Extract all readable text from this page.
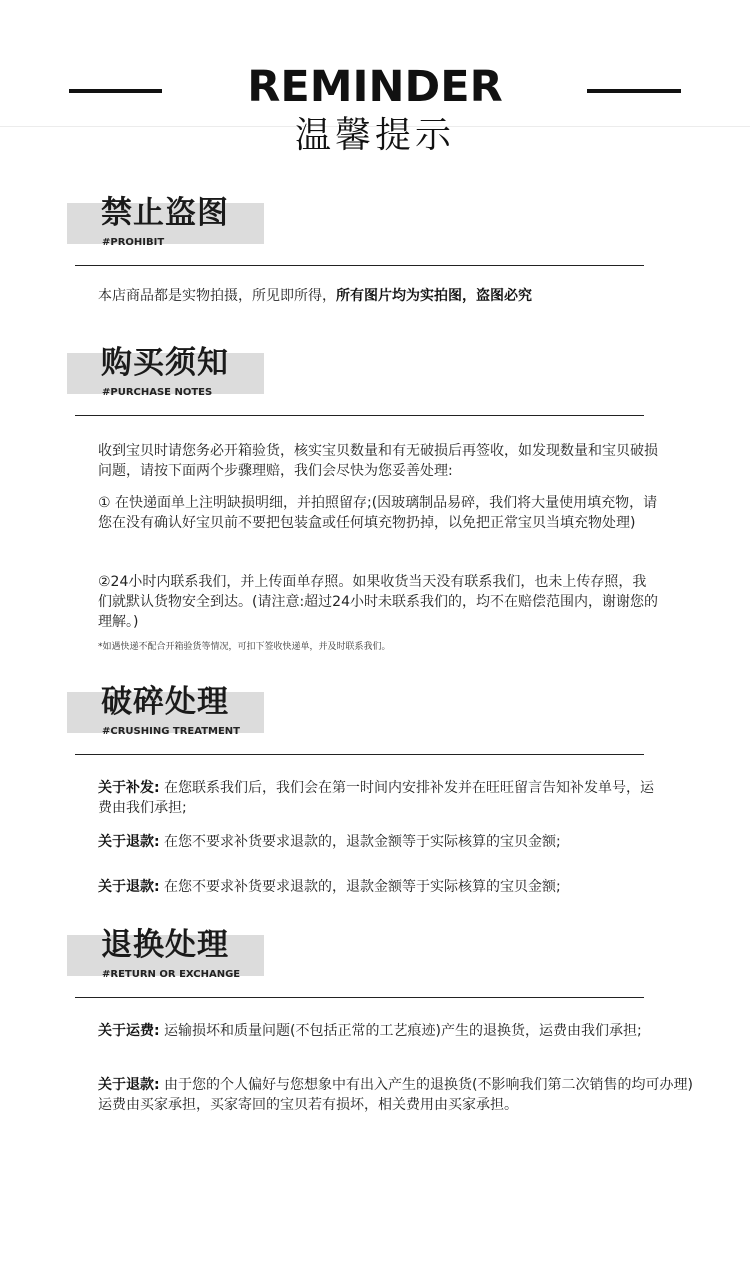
REMINDER
温馨提示
禁止盗图
#PROHIBIT
本店商品都是实物拍摄，所见即所得，所有图片均为实拍图，盗图必究
购买须知
#PURCHASE NOTES
收到宝贝时请您务必开箱验货，核实宝贝数量和有无破损后再签收，如发现数量和宝贝破损问题，请按下面两个步骤理赔，我们会尽快为您妥善处理:
① 在快递面单上注明缺损明细，并拍照留存;(因玻璃制品易碎，我们将大量使用填充物，请您在没有确认好宝贝前不要把包装盒或任何填充物扔掉，以免把正常宝贝当填充物处理)
②24小时内联系我们，并上传面单存照。如果收货当天没有联系我们，也未上传存照，我们就默认货物安全到达。(请注意:超过24小时未联系我们的，均不在赔偿范围内，谢谢您的理解。)
*如遇快递不配合开箱验货等情况，可扣下签收快递单，并及时联系我们。
破碎处理
#CRUSHING TREATMENT
关于补发: 在您联系我们后，我们会在第一时间内安排补发并在旺旺留言告知补发单号，运费由我们承担;
关于退款: 在您不要求补货要求退款的，退款金额等于实际核算的宝贝金额;
关于退款: 在您不要求补货要求退款的，退款金额等于实际核算的宝贝金额;
退换处理
#RETURN OR EXCHANGE
关于运费: 运输损坏和质量问题(不包括正常的工艺痕迹)产生的退换货，运费由我们承担;
关于退款: 由于您的个人偏好与您想象中有出入产生的退换货(不影响我们第二次销售的均可办理)运费由买家承担，买家寄回的宝贝若有损坏，相关费用由买家承担。
